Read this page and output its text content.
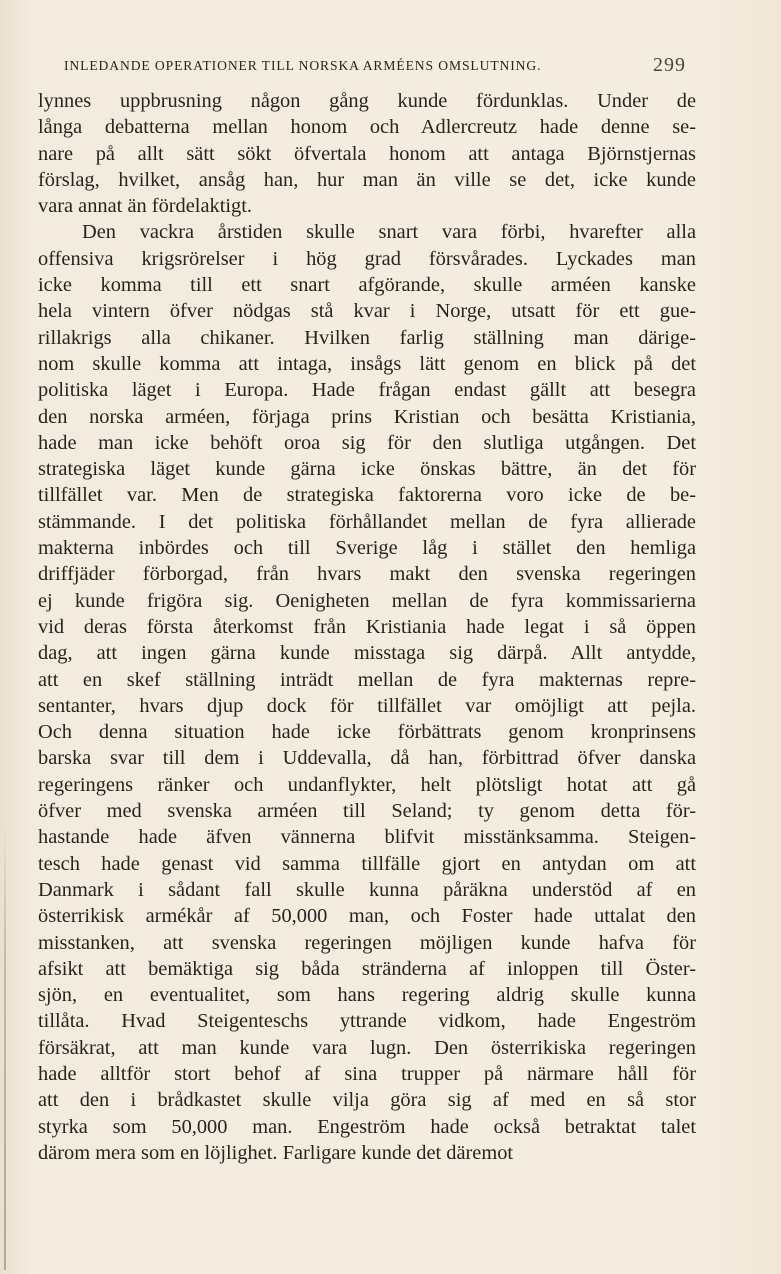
INLEDANDE OPERATIONER TILL NORSKA ARMÉENS OMSLUTNING.	299
lynnes uppbrusning någon gång kunde fördunklas. Under de
långa debatterna mellan honom och Adlercreutz hade denne se-
nare på allt sätt sökt öfvertala honom att antaga Björnstjernas
förslag, hvilket, ansåg han, hur man än ville se det, icke kunde
vara annat än fördelaktigt.
Den vackra årstiden skulle snart vara förbi, hvarefter alla
offensiva krigsrörelser i hög grad försvårades. Lyckades man
icke komma till ett snart afgörande, skulle arméen kanske
hela vintern öfver nödgas stå kvar i Norge, utsatt för ett gue-
rillakrigs alla chikaner. Hvilken farlig ställning man därige-
nom skulle komma att intaga, insågs lätt genom en blick på det
politiska läget i Europa. Hade frågan endast gällt att besegra
den norska arméen, förjaga prins Kristian och besätta Kristiania,
hade man icke behöft oroa sig för den slutliga utgången. Det
strategiska läget kunde gärna icke önskas bättre, än det för
tillfället var. Men de strategiska faktorerna voro icke de be-
stämmande. I det politiska förhållandet mellan de fyra allierade
makterna inbördes och till Sverige låg i stället den hemliga
driffjäder förborgad, från hvars makt den svenska regeringen
ej kunde frigöra sig. Oenigheten mellan de fyra kommissarierna
vid deras första återkomst från Kristiania hade legat i så öppen
dag, att ingen gärna kunde misstaga sig därpå. Allt antydde,
att en skef ställning inträdt mellan de fyra makternas repre-
sentanter, hvars djup dock för tillfället var omöjligt att pejla.
Och denna situation hade icke förbättrats genom kronprinsens
barska svar till dem i Uddevalla, då han, förbittrad öfver danska
regeringens ränker och undanflykter, helt plötsligt hotat att gå
öfver med svenska arméen till Seland; ty genom detta för-
hastande hade äfven vännerna blifvit misstänksamma. Steigen-
tesch hade genast vid samma tillfälle gjort en antydan om att
Danmark i sådant fall skulle kunna påräkna understöd af en
österrikisk armékår af 50,000 man, och Foster hade uttalat den
misstanken, att svenska regeringen möjligen kunde hafva för
afsikt att bemäktiga sig båda stränderna af inloppen till Öster-
sjön, en eventualitet, som hans regering aldrig skulle kunna
tillåta. Hvad Steigenteschs yttrande vidkom, hade Engeström
försäkrat, att man kunde vara lugn. Den österrikiska regeringen
hade alltför stort behof af sina trupper på närmare håll för
att den i brådkastet skulle vilja göra sig af med en så stor
styrka som 50,000 man. Engeström hade också betraktat talet
därom mera som en löjlighet. Farligare kunde det däremot
